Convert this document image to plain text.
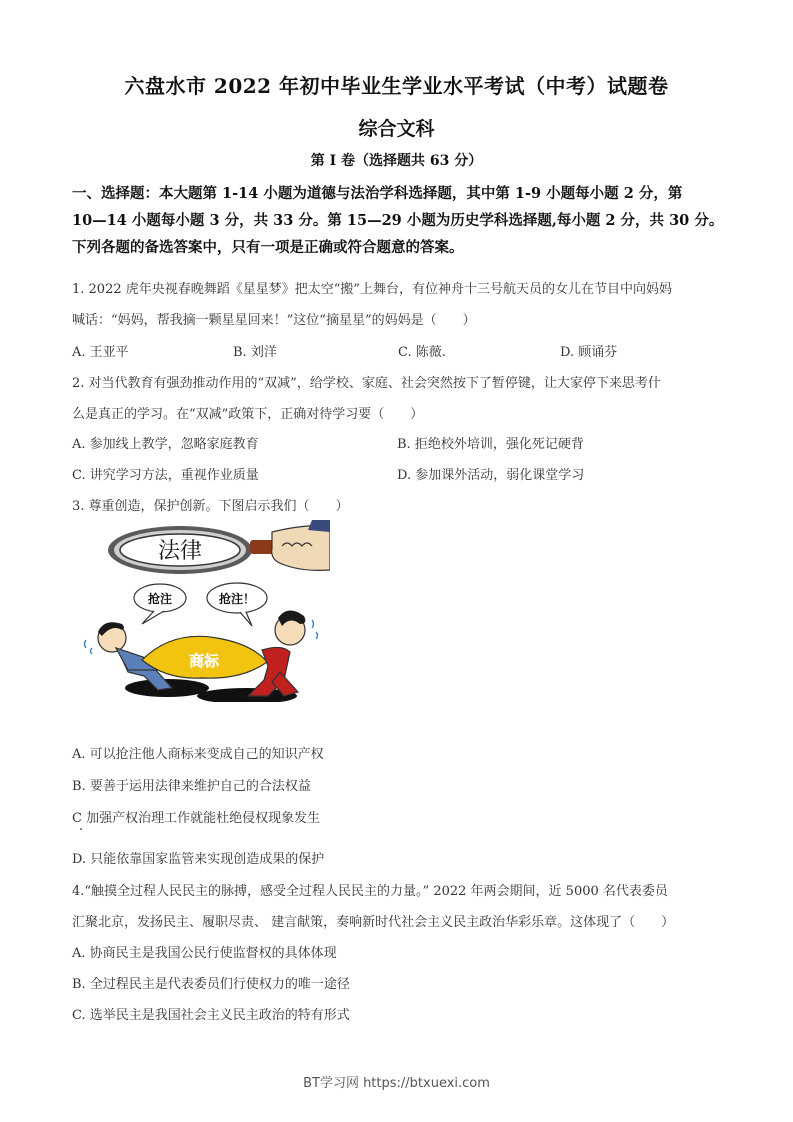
六盘水市 2022 年初中毕业生学业水平考试（中考）试题卷
综合文科
第 I 卷（选择题共 63 分）
一、选择题：本大题第 1-14 小题为道德与法治学科选择题，其中第 1-9 小题每小题 2 分，第
10—14 小题每小题 3 分，共 33 分。第 15—29 小题为历史学科选择题,每小题 2 分，共 30 分。
下列各题的备选答案中，只有一项是正确或符合题意的答案。
1. 2022 虎年央视春晚舞蹈《星星梦》把太空“搬”上舞台，有位神舟十三号航天员的女儿在节目中向妈妈
喊话：“妈妈，帮我摘一颗星星回来！”这位“摘星星”的妈妈是（　　）
A. 王亚平	B. 刘洋	C. 陈薇.	D. 顾诵芬
2. 对当代教育有强劲推动作用的“双减”，给学校、家庭、社会突然按下了暂停键，让大家停下来思考什
么是真正的学习。在“双减”政策下，正确对待学习要（　　）
A. 参加线上教学，忽略家庭教育	B. 拒绝校外培训，强化死记硬背
C. 讲究学习方法，重视作业质量	D. 参加课外活动，弱化课堂学习
3. 尊重创造，保护创新。下图启示我们（　　）
法律
抢注	抢注！
商标
A. 可以抢注他人商标来变成自己的知识产权
B. 要善于运用法律来维护自己的合法权益
C 加强产权治理工作就能杜绝侵权现象发生
D. 只能依靠国家监管来实现创造成果的保护
4.“触摸全过程人民民主的脉搏，感受全过程人民民主的力量。” 2022 年两会期间，近 5000 名代表委员
汇聚北京，发扬民主、履职尽责、 建言献策，奏响新时代社会主义民主政治华彩乐章。这体现了（　　）
A. 协商民主是我国公民行使监督权的具体体现
B. 全过程民主是代表委员们行使权力的唯一途径
C. 选举民主是我国社会主义民主政治的特有形式
BT学习网 https://btxuexi.com
